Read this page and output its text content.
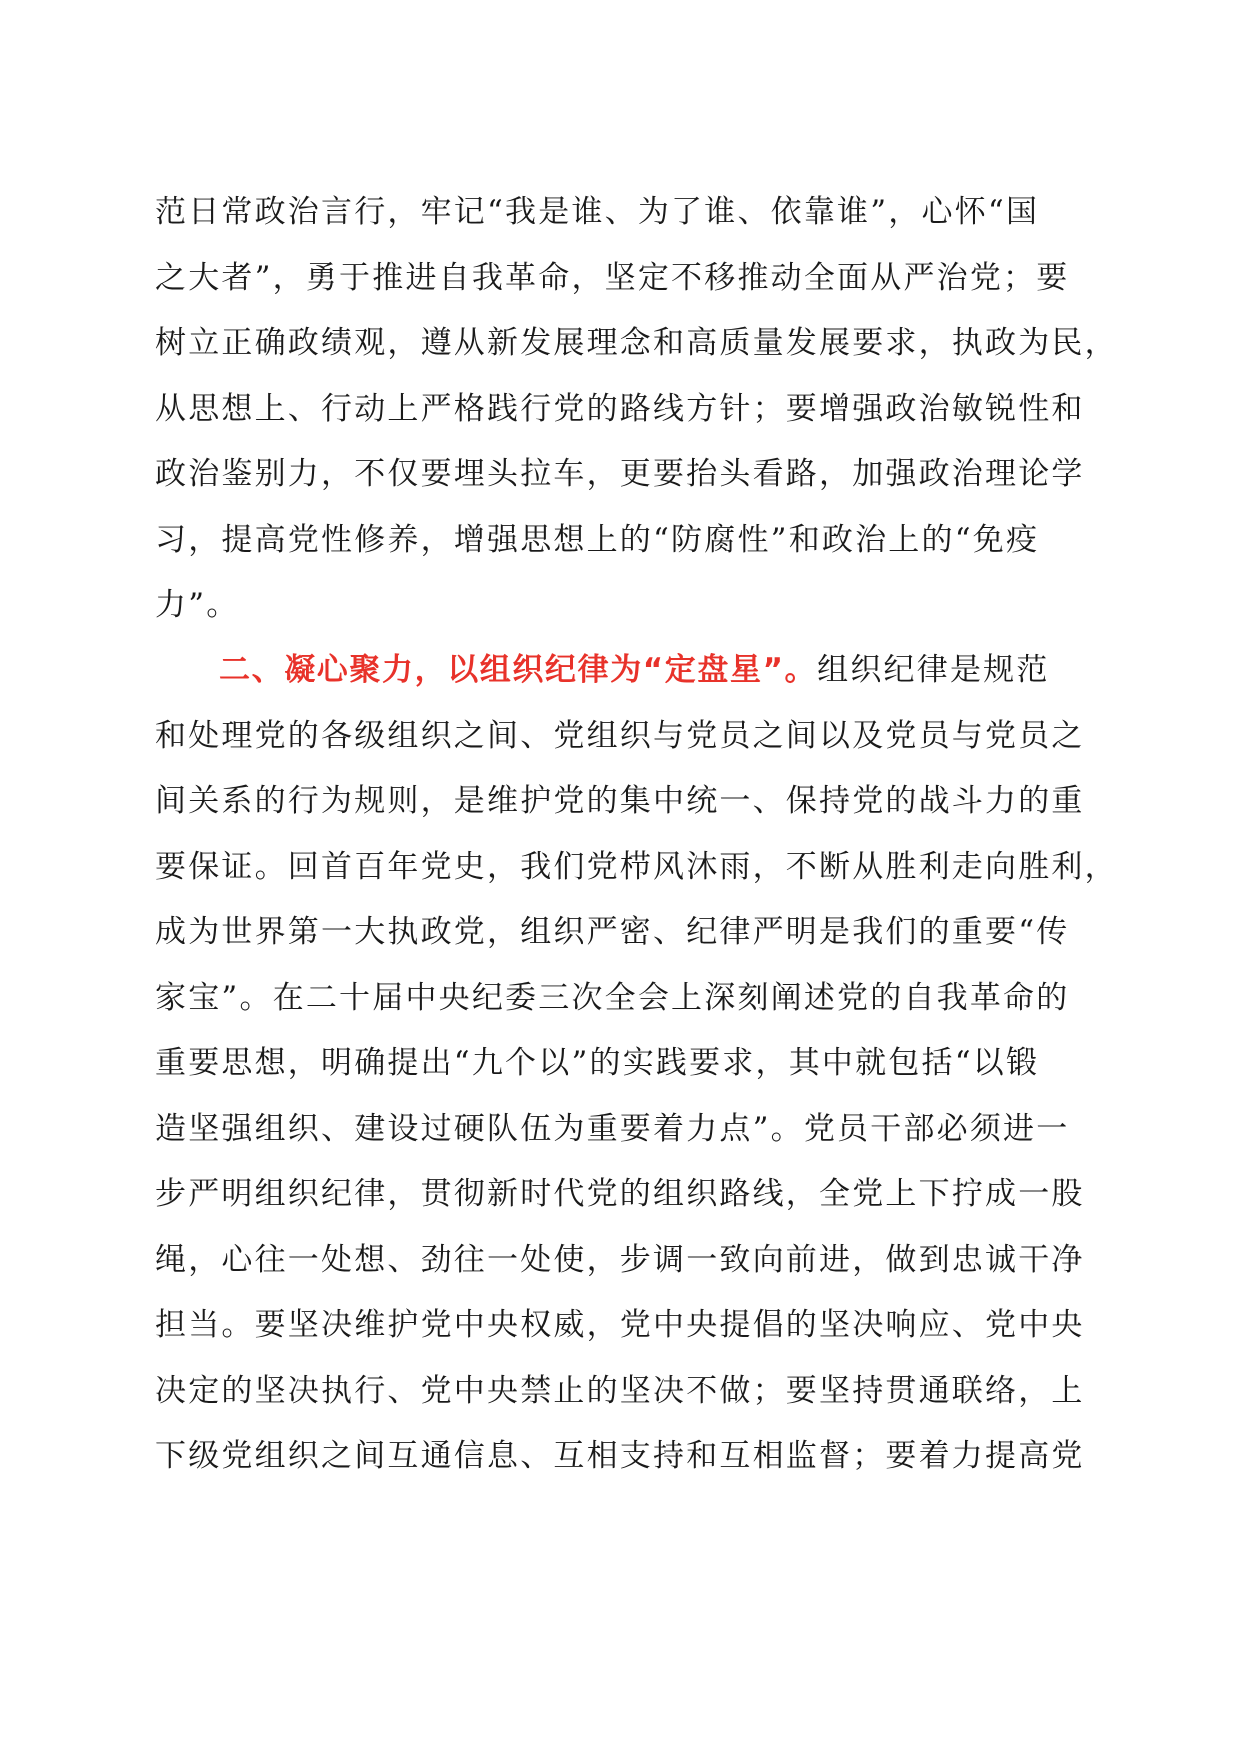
范日常政治言行，牢记“我是谁、为了谁、依靠谁”，心怀“国
之大者”，勇于推进自我革命，坚定不移推动全面从严治党；要
树立正确政绩观，遵从新发展理念和高质量发展要求，执政为民，
从思想上、行动上严格践行党的路线方针；要增强政治敏锐性和
政治鉴别力，不仅要埋头拉车，更要抬头看路，加强政治理论学
习，提高党性修养，增强思想上的“防腐性”和政治上的“免疫
力”。
二、凝心聚力，以组织纪律为“定盘星”。组织纪律是规范
和处理党的各级组织之间、党组织与党员之间以及党员与党员之
间关系的行为规则，是维护党的集中统一、保持党的战斗力的重
要保证。回首百年党史，我们党栉风沐雨，不断从胜利走向胜利，
成为世界第一大执政党，组织严密、纪律严明是我们的重要“传
家宝”。在二十届中央纪委三次全会上深刻阐述党的自我革命的
重要思想，明确提出“九个以”的实践要求，其中就包括“以锻
造坚强组织、建设过硬队伍为重要着力点”。党员干部必须进一
步严明组织纪律，贯彻新时代党的组织路线，全党上下拧成一股
绳，心往一处想、劲往一处使，步调一致向前进，做到忠诚干净
担当。要坚决维护党中央权威，党中央提倡的坚决响应、党中央
决定的坚决执行、党中央禁止的坚决不做；要坚持贯通联络，上
下级党组织之间互通信息、互相支持和互相监督；要着力提高党
